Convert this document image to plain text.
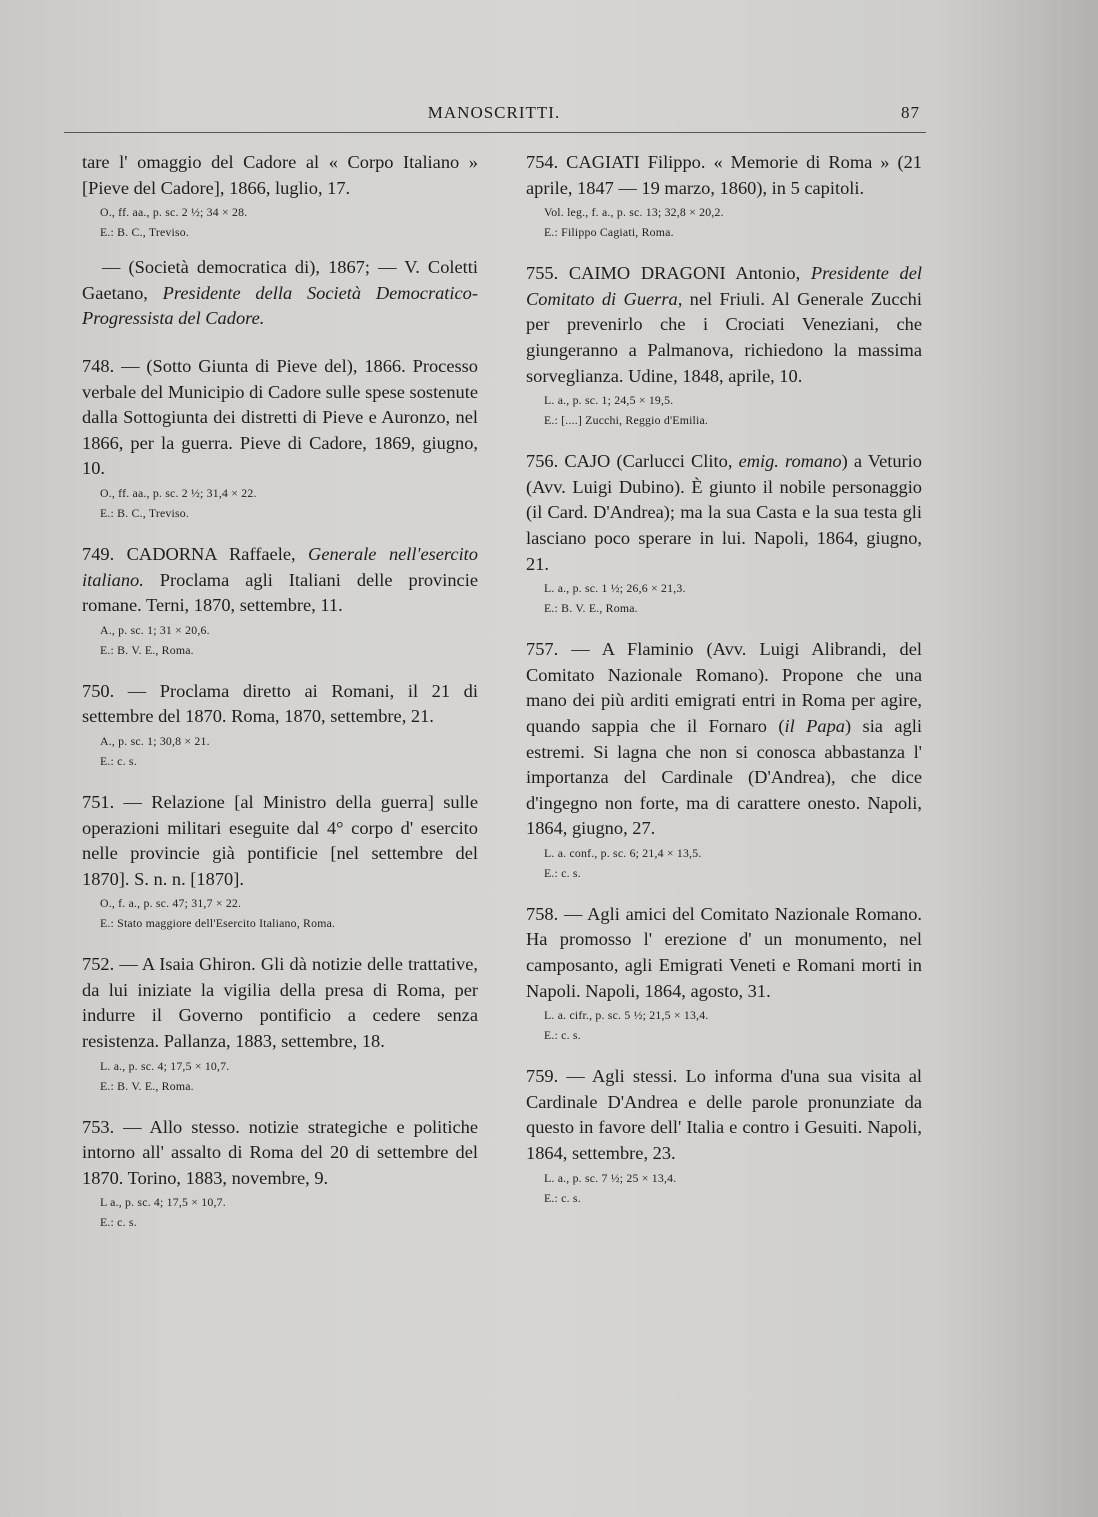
MANOSCRITTI.	87
tare l' omaggio del Cadore al « Corpo Italiano » [Pieve del Cadore], 1866, luglio, 17.
O., ff. aa., p. sc. 2 ½; 34 × 28.
E.: B. C., Treviso.
— (Società democratica di), 1867; — V. Coletti Gaetano, Presidente della Società Democratico-Progressista del Cadore.
748. — (Sotto Giunta di Pieve del), 1866. Processo verbale del Municipio di Cadore sulle spese sostenute dalla Sottogiunta dei distretti di Pieve e Auronzo, nel 1866, per la guerra. Pieve di Cadore, 1869, giugno, 10.
O., ff. aa., p. sc. 2 ½; 31,4 × 22.
E.: B. C., Treviso.
749. CADORNA Raffaele, Generale nell'esercito italiano. Proclama agli Italiani delle provincie romane. Terni, 1870, settembre, 11.
A., p. sc. 1; 31 × 20,6.
E.: B. V. E., Roma.
750. — Proclama diretto ai Romani, il 21 di settembre del 1870. Roma, 1870, settembre, 21.
A., p. sc. 1; 30,8 × 21.
E.: c. s.
751. — Relazione [al Ministro della guerra] sulle operazioni militari eseguite dal 4° corpo d' esercito nelle provincie già pontificie [nel settembre del 1870]. S. n. n. [1870].
O., f. a., p. sc. 47; 31,7 × 22.
E.: Stato maggiore dell'Esercito Italiano, Roma.
752. — A Isaia Ghiron. Gli dà notizie delle trattative, da lui iniziate la vigilia della presa di Roma, per indurre il Governo pontificio a cedere senza resistenza. Pallanza, 1883, settembre, 18.
L. a., p. sc. 4; 17,5 × 10,7.
E.: B. V. E., Roma.
753. — Allo stesso. notizie strategiche e politiche intorno all' assalto di Roma del 20 di settembre del 1870. Torino, 1883, novembre, 9.
L a., p. sc. 4; 17,5 × 10,7.
E.: c. s.
754. CAGIATI Filippo. « Memorie di Roma » (21 aprile, 1847 — 19 marzo, 1860), in 5 capitoli.
Vol. leg., f. a., p. sc. 13; 32,8 × 20,2.
E.: Filippo Cagiati, Roma.
755. CAIMO DRAGONI Antonio, Presidente del Comitato di Guerra, nel Friuli. Al Generale Zucchi per prevenirlo che i Crociati Veneziani, che giungeranno a Palmanova, richiedono la massima sorveglianza. Udine, 1848, aprile, 10.
L. a., p. sc. 1; 24,5 × 19,5.
E.: [....] Zucchi, Reggio d'Emilia.
756. CAJO (Carlucci Clito, emig. romano) a Veturio (Avv. Luigi Dubino). È giunto il nobile personaggio (il Card. D'Andrea); ma la sua Casta e la sua testa gli lasciano poco sperare in lui. Napoli, 1864, giugno, 21.
L. a., p. sc. 1 ½; 26,6 × 21,3.
E.: B. V. E., Roma.
757. — A Flaminio (Avv. Luigi Alibrandi, del Comitato Nazionale Romano). Propone che una mano dei più arditi emigrati entri in Roma per agire, quando sappia che il Fornaro (il Papa) sia agli estremi. Si lagna che non si conosca abbastanza l' importanza del Cardinale (D'Andrea), che dice d'ingegno non forte, ma di carattere onesto. Napoli, 1864, giugno, 27.
L. a. conf., p. sc. 6; 21,4 × 13,5.
E.: c. s.
758. — Agli amici del Comitato Nazionale Romano. Ha promosso l' erezione d' un monumento, nel camposanto, agli Emigrati Veneti e Romani morti in Napoli. Napoli, 1864, agosto, 31.
L. a. cifr., p. sc. 5 ½; 21,5 × 13,4.
E.: c. s.
759. — Agli stessi. Lo informa d'una sua visita al Cardinale D'Andrea e delle parole pronunziate da questo in favore dell' Italia e contro i Gesuiti. Napoli, 1864, settembre, 23.
L. a., p. sc. 7 ½; 25 × 13,4.
E.: c. s.
